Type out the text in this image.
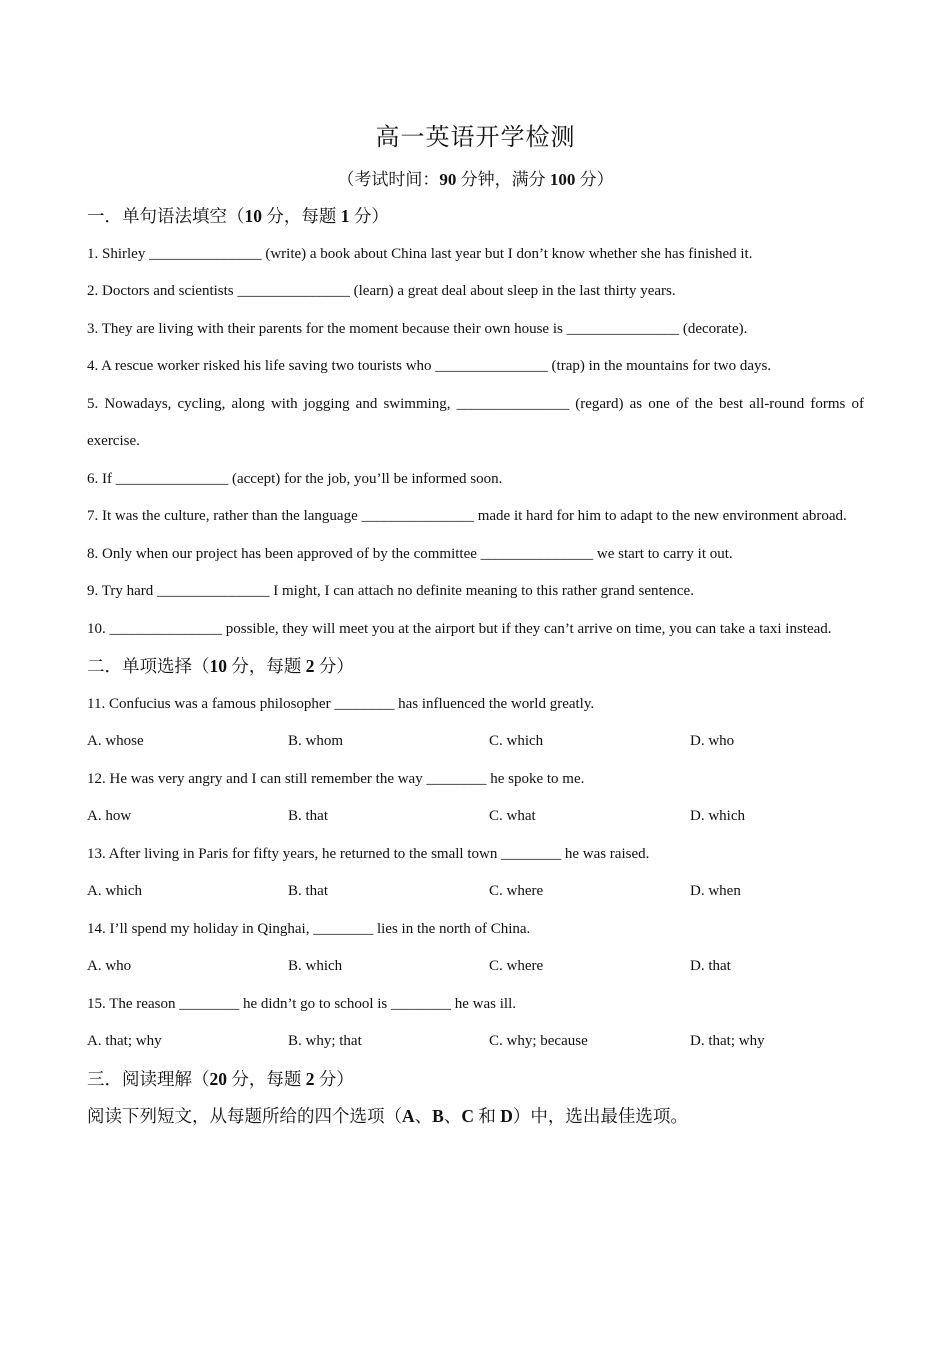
高一英语开学检测
（考试时间：90 分钟，满分 100 分）
一．单句语法填空（10 分，每题 1 分）
1. Shirley _______________ (write) a book about China last year but I don’t know whether she has finished it.
2. Doctors and scientists _______________ (learn) a great deal about sleep in the last thirty years.
3. They are living with their parents for the moment because their own house is _______________ (decorate).
4. A rescue worker risked his life saving two tourists who _______________ (trap) in the mountains for two days.
5. Nowadays, cycling, along with jogging and swimming, _______________ (regard) as one of the best all-round forms of exercise.
6. If _______________ (accept) for the job, you’ll be informed soon.
7. It was the culture, rather than the language _______________ made it hard for him to adapt to the new environment abroad.
8. Only when our project has been approved of by the committee _______________ we start to carry it out.
9. Try hard _______________ I might, I can attach no definite meaning to this rather grand sentence.
10. _______________ possible, they will meet you at the airport but if they can’t arrive on time, you can take a taxi instead.
二．单项选择（10 分，每题 2 分）
11. Confucius was a famous philosopher ________ has influenced the world greatly.
A. whose	B. whom	C. which	D. who
12. He was very angry and I can still remember the way ________ he spoke to me.
A. how	B. that	C. what	D. which
13. After living in Paris for fifty years, he returned to the small town ________ he was raised.
A. which	B. that	C. where	D. when
14. I’ll spend my holiday in Qinghai, ________ lies in the north of China.
A. who	B. which	C. where	D. that
15. The reason ________ he didn’t go to school is ________ he was ill.
A. that; why	B. why; that	C. why; because	D. that; why
三．阅读理解（20 分，每题 2 分）
阅读下列短文，从每题所给的四个选项（A、B、C 和 D）中，选出最佳选项。
